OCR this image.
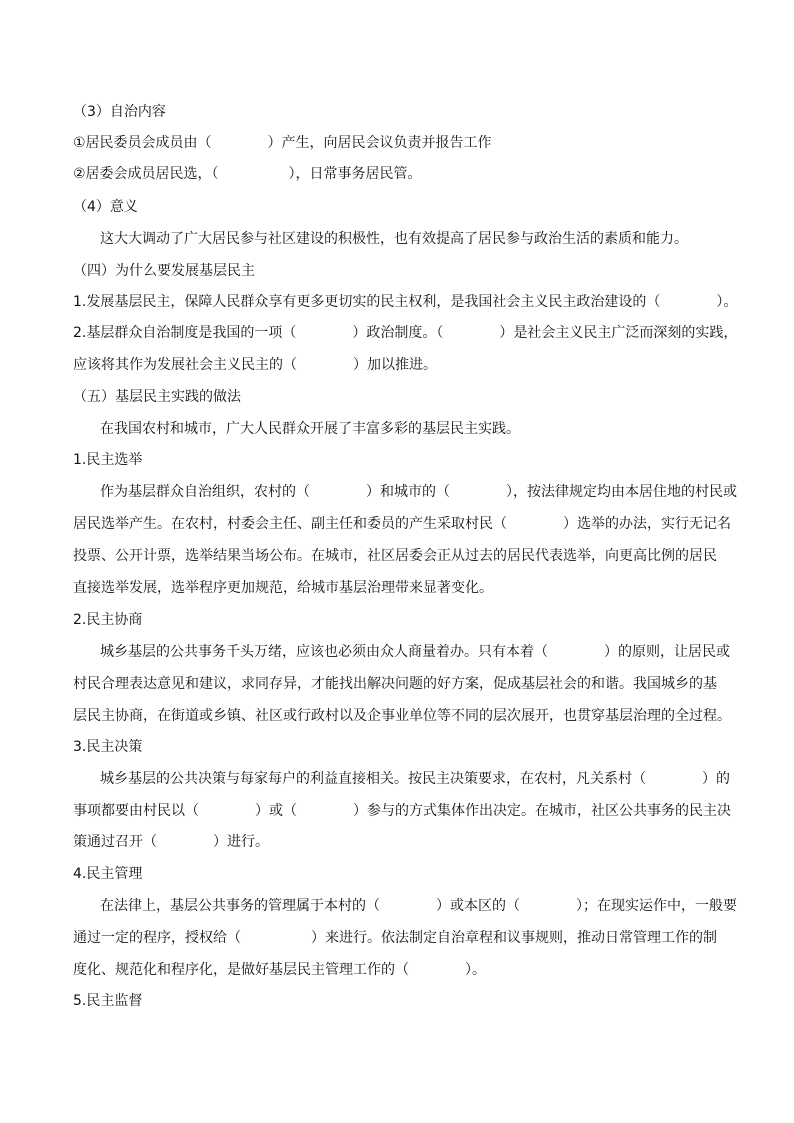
（3）自治内容
①居民委员会成员由（　　　　）产生，向居民会议负责并报告工作
②居委会成员居民选，（　　　　　），日常事务居民管。
（4）意义
这大大调动了广大居民参与社区建设的积极性，也有效提高了居民参与政治生活的素质和能力。
（四）为什么要发展基层民主
1.发展基层民主，保障人民群众享有更多更切实的民主权利，是我国社会主义民主政治建设的（　　　　）。
2.基层群众自治制度是我国的一项（　　　　）政治制度。（　　　　）是社会主义民主广泛而深刻的实践，
应该将其作为发展社会主义民主的（　　　　）加以推进。
（五）基层民主实践的做法
在我国农村和城市，广大人民群众开展了丰富多彩的基层民主实践。
1.民主选举
作为基层群众自治组织，农村的（　　　　）和城市的（　　　　），按法律规定均由本居住地的村民或
居民选举产生。在农村，村委会主任、副主任和委员的产生采取村民（　　　　）选举的办法，实行无记名
投票、公开计票，选举结果当场公布。在城市，社区居委会正从过去的居民代表选举，向更高比例的居民
直接选举发展，选举程序更加规范，给城市基层治理带来显著变化。
2.民主协商
城乡基层的公共事务千头万绪，应该也必须由众人商量着办。只有本着（　　　　）的原则，让居民或
村民合理表达意见和建议，求同存异，才能找出解决问题的好方案，促成基层社会的和谐。我国城乡的基
层民主协商，在街道或乡镇、社区或行政村以及企事业单位等不同的层次展开，也贯穿基层治理的全过程。
3.民主决策
城乡基层的公共决策与每家每户的利益直接相关。按民主决策要求，在农村，凡关系村（　　　　）的
事项都要由村民以（　　　　）或（　　　　）参与的方式集体作出决定。在城市，社区公共事务的民主决
策通过召开（　　　　）进行。
4.民主管理
在法律上，基层公共事务的管理属于本村的（　　　　）或本区的（　　　　）；在现实运作中，一般要
通过一定的程序，授权给（　　　　　）来进行。依法制定自治章程和议事规则，推动日常管理工作的制
度化、规范化和程序化，是做好基层民主管理工作的（　　　　）。
5.民主监督
